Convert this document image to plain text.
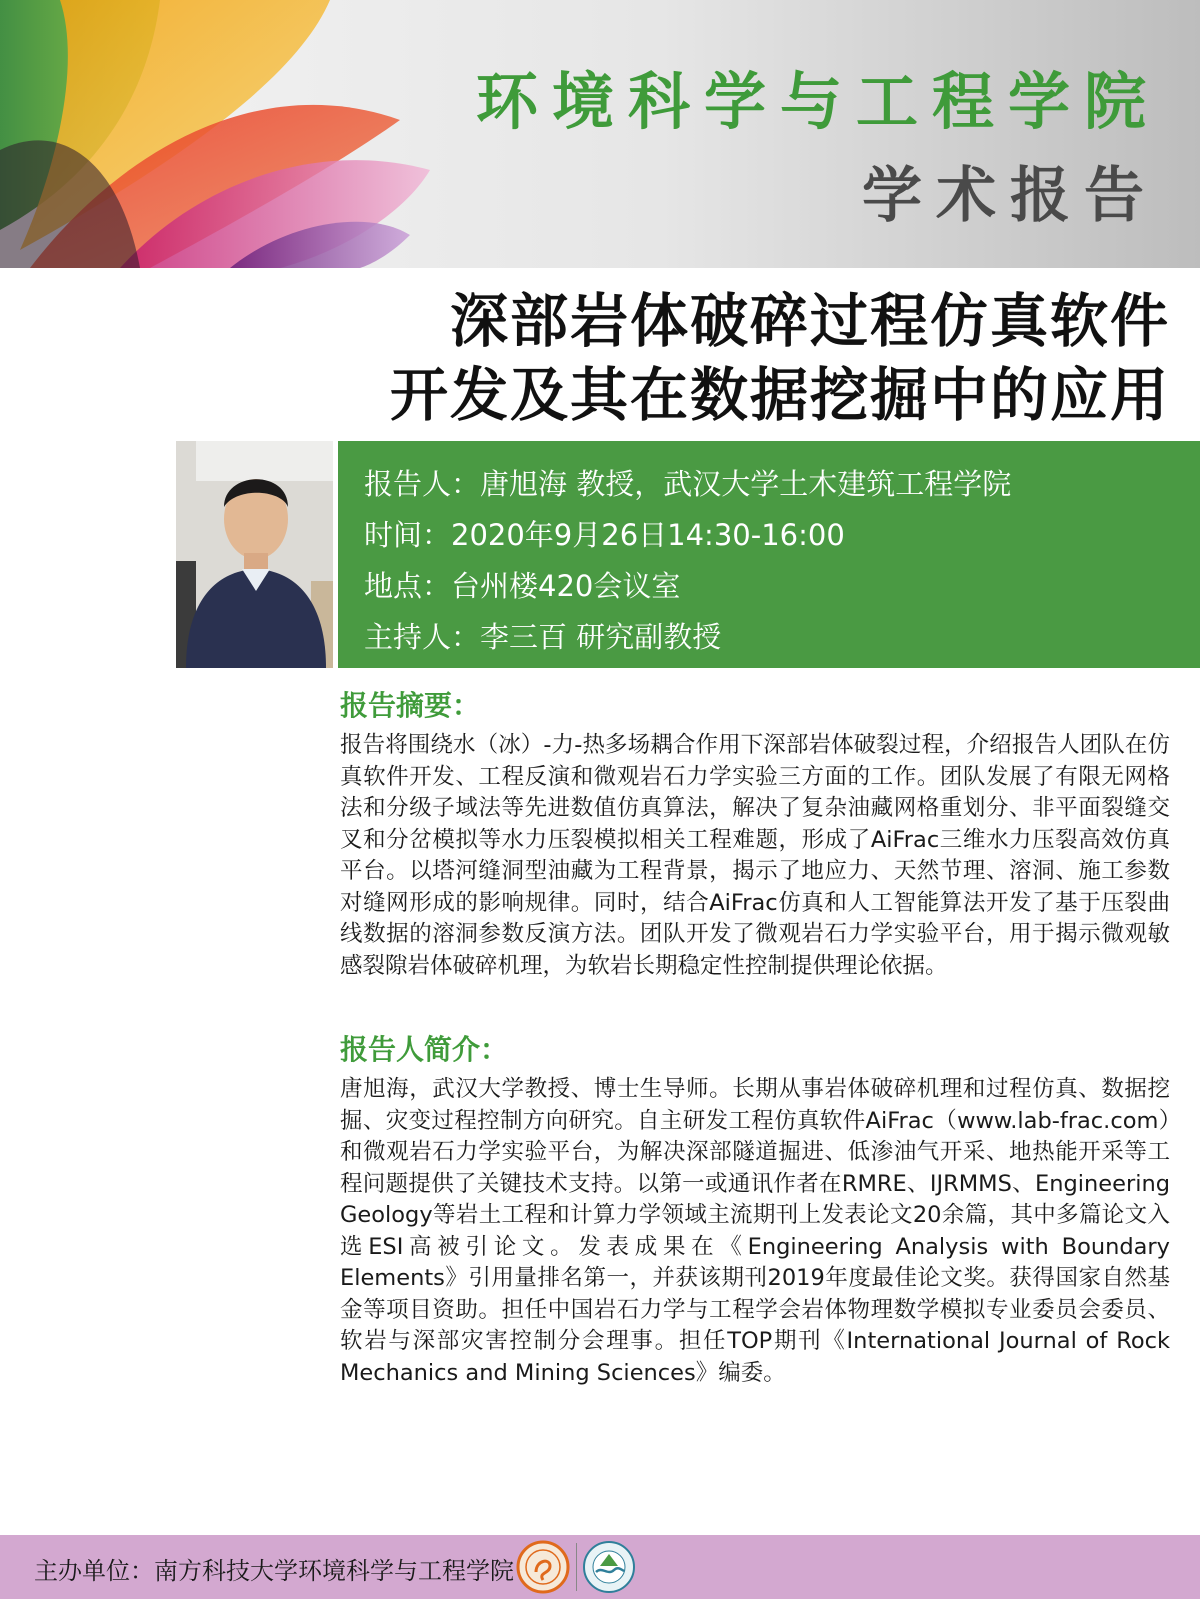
环境科学与工程学院
学术报告
深部岩体破碎过程仿真软件
开发及其在数据挖掘中的应用
报告人：唐旭海 教授，武汉大学土木建筑工程学院
时间：2020年9月26日14:30-16:00
地点：台州楼420会议室
主持人：李三百 研究副教授
报告摘要：
报告将围绕水（冰）-力-热多场耦合作用下深部岩体破裂过程，介绍报告人团队在仿真软件开发、工程反演和微观岩石力学实验三方面的工作。团队发展了有限无网格法和分级子域法等先进数值仿真算法，解决了复杂油藏网格重划分、非平面裂缝交叉和分岔模拟等水力压裂模拟相关工程难题，形成了AiFrac三维水力压裂高效仿真平台。以塔河缝洞型油藏为工程背景，揭示了地应力、天然节理、溶洞、施工参数对缝网形成的影响规律。同时，结合AiFrac仿真和人工智能算法开发了基于压裂曲线数据的溶洞参数反演方法。团队开发了微观岩石力学实验平台，用于揭示微观敏感裂隙岩体破碎机理，为软岩长期稳定性控制提供理论依据。
报告人简介：
唐旭海，武汉大学教授、博士生导师。长期从事岩体破碎机理和过程仿真、数据挖掘、灾变过程控制方向研究。自主研发工程仿真软件AiFrac（www.lab-frac.com）和微观岩石力学实验平台，为解决深部隧道掘进、低渗油气开采、地热能开采等工程问题提供了关键技术支持。以第一或通讯作者在RMRE、IJRMMS、Engineering Geology等岩土工程和计算力学领域主流期刊上发表论文20余篇，其中多篇论文入选ESI高被引论文。发表成果在《Engineering Analysis with Boundary Elements》引用量排名第一，并获该期刊2019年度最佳论文奖。获得国家自然基金等项目资助。担任中国岩石力学与工程学会岩体物理数学模拟专业委员会委员、软岩与深部灾害控制分会理事。担任TOP期刊《International Journal of Rock Mechanics and Mining Sciences》编委。
主办单位：南方科技大学环境科学与工程学院
